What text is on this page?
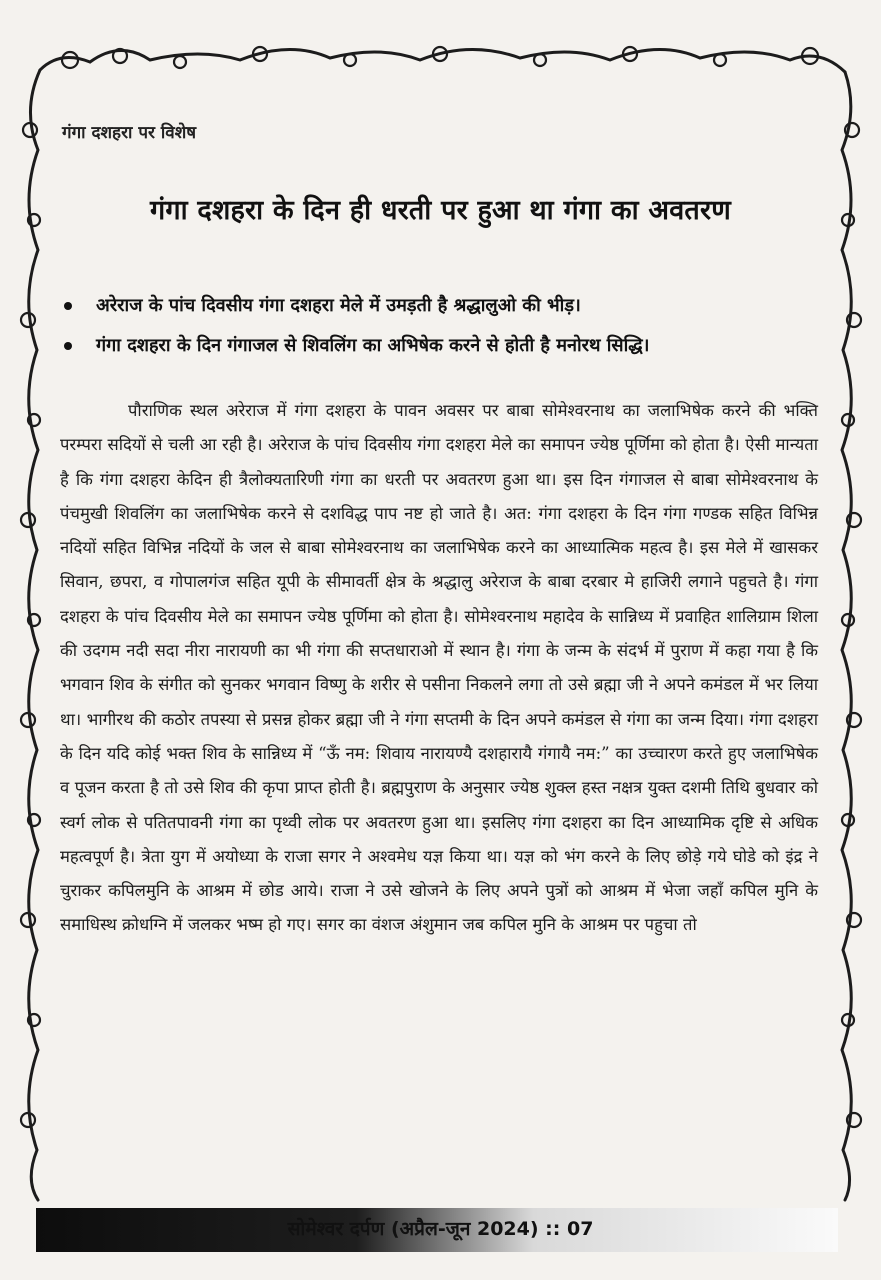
गंगा दशहरा पर विशेष
गंगा दशहरा के दिन ही धरती पर हुआ था गंगा का अवतरण
अरेराज के पांच दिवसीय गंगा दशहरा मेले में उमड़ती है श्रद्धालुओ की भीड़।
गंगा दशहरा के दिन गंगाजल से शिवलिंग का अभिषेक करने से होती है मनोरथ सिद्धि।

पौराणिक स्थल अरेराज में गंगा दशहरा के पावन अवसर पर बाबा सोमेश्वरनाथ का जलाभिषेक करने की भक्ति परम्परा सदियों से चली आ रही है। अरेराज के पांच दिवसीय गंगा दशहरा मेले का समापन ज्येष्ठ पूर्णिमा को होता है। ऐसी मान्यता है कि गंगा दशहरा केदिन ही त्रैलोक्यतारिणी गंगा का धरती पर अवतरण हुआ था। इस दिन गंगाजल से बाबा सोमेश्वरनाथ के पंचमुखी शिवलिंग का जलाभिषेक करने से दशविद्ध पाप नष्ट हो जाते है। अत: गंगा दशहरा के दिन गंगा गण्डक सहित विभिन्न नदियों सहित विभिन्न नदियों के जल से बाबा सोमेश्वरनाथ का जलाभिषेक करने का आध्यात्मिक महत्व है। इस मेले में खासकर सिवान, छपरा, व गोपालगंज सहित यूपी के सीमावर्ती क्षेत्र के श्रद्धालु अरेराज के बाबा दरबार मे हाजिरी लगाने पहुचते है। गंगा दशहरा के पांच दिवसीय मेले का समापन ज्येष्ठ पूर्णिमा को होता है। सोमेश्वरनाथ महादेव के सान्निध्य में प्रवाहित शालिग्राम शिला की उदगम नदी सदा नीरा नारायणी का भी गंगा की सप्तधाराओ में स्थान है। गंगा के जन्म के संदर्भ में पुराण में कहा गया है कि भगवान शिव के संगीत को सुनकर भगवान विष्णु के शरीर से पसीना निकलने लगा तो उसे ब्रह्मा जी ने अपने कमंडल में भर लिया था। भागीरथ की कठोर तपस्या से प्रसन्न होकर ब्रह्मा जी ने गंगा सप्तमी के दिन अपने कमंडल से गंगा का जन्म दिया। गंगा दशहरा के दिन यदि कोई भक्त शिव के सान्निध्य में “ऊँ नम: शिवाय नारायण्यै दशहारायै गंगायै नम:” का उच्चारण करते हुए जलाभिषेक व पूजन करता है तो उसे शिव की कृपा प्राप्त होती है। ब्रह्मपुराण के अनुसार ज्येष्ठ शुक्ल हस्त नक्षत्र युक्त दशमी तिथि बुधवार को स्वर्ग लोक से पतितपावनी गंगा का पृथ्वी लोक पर अवतरण हुआ था। इसलिए गंगा दशहरा का दिन आध्यामिक दृष्टि से अधिक महत्वपूर्ण है। त्रेता युग में अयोध्या के राजा सगर ने अश्वमेध यज्ञ किया था। यज्ञ को भंग करने के लिए छोड़े गये घोडे को इंद्र ने चुराकर कपिलमुनि के आश्रम में छोड आये। राजा ने उसे खोजने के लिए अपने पुत्रों को आश्रम में भेजा जहाँ कपिल मुनि के समाधिस्थ क्रोधग्नि में जलकर भष्म हो गए। सगर का वंशज अंशुमान जब कपिल मुनि के आश्रम पर पहुचा तो

सोमेश्वर दर्पण (अप्रैल-जून 2024) :: 07
